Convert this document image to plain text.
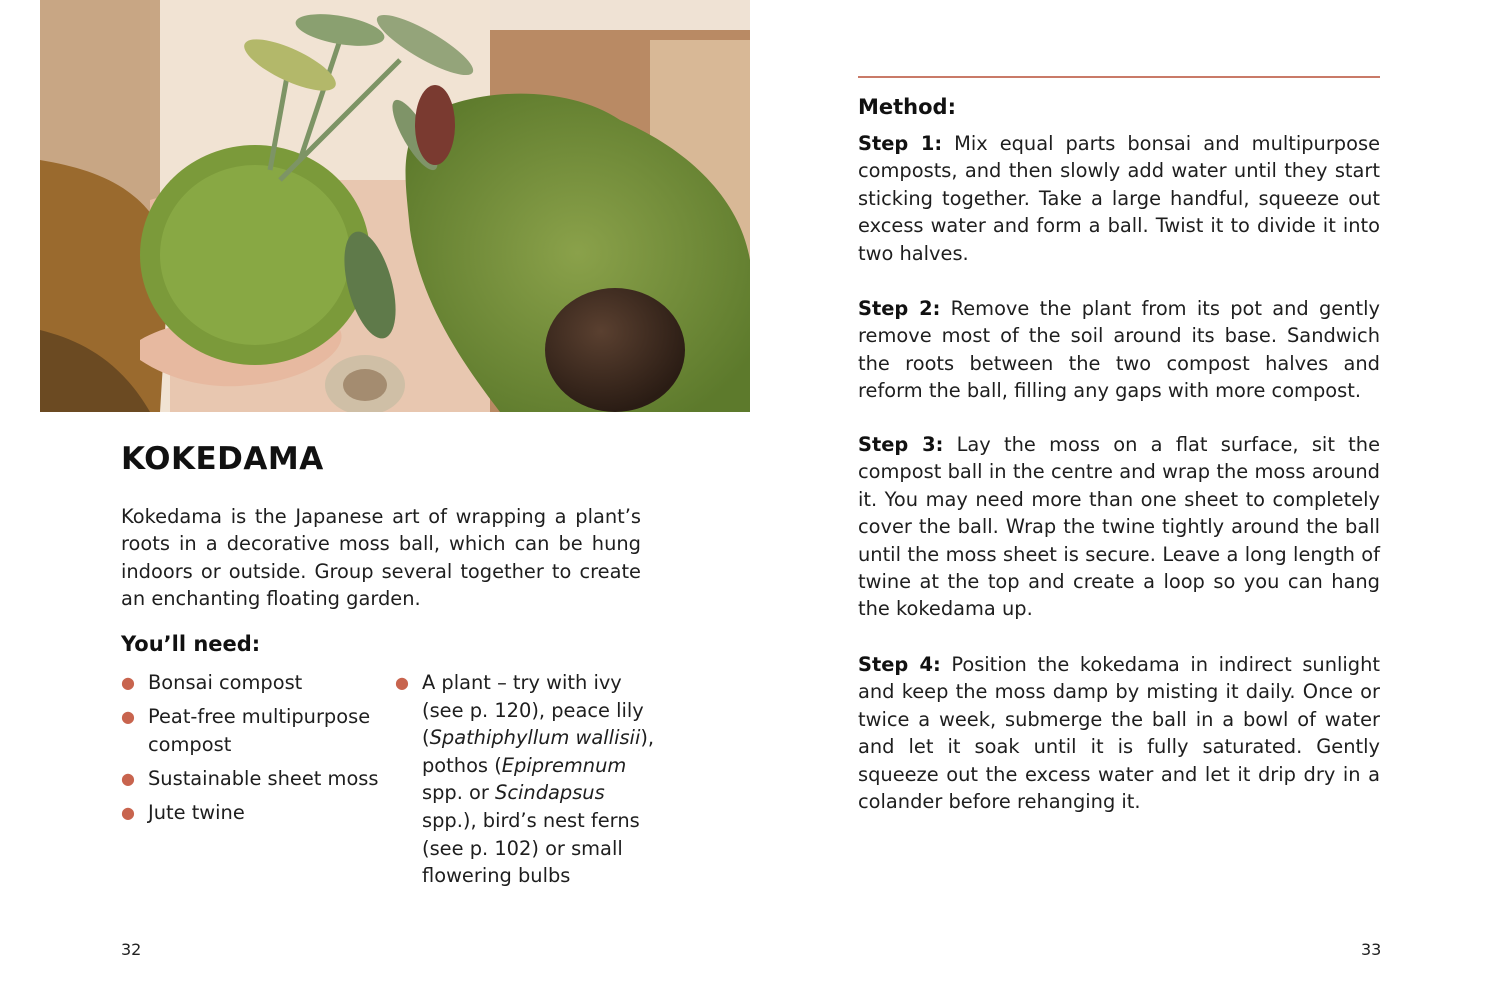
KOKEDAMA

Kokedama is the Japanese art of wrapping a plant’s roots in a decorative moss ball, which can be hung indoors or outside. Group several together to create an enchanting floating garden.

You’ll need:
● Bonsai compost
● Peat-free multipurpose compost
● Sustainable sheet moss
● Jute twine
● A plant – try with ivy (see p. 120), peace lily (Spathiphyllum wallisii), pothos (Epipremnum spp. or Scindapsus spp.), bird’s nest ferns (see p. 102) or small flowering bulbs
32
Method:

Step 1: Mix equal parts bonsai and multipurpose composts, and then slowly add water until they start sticking together. Take a large handful, squeeze out excess water and form a ball. Twist it to divide it into two halves.

Step 2: Remove the plant from its pot and gently remove most of the soil around its base. Sandwich the roots between the two compost halves and reform the ball, filling any gaps with more compost.

Step 3: Lay the moss on a flat surface, sit the compost ball in the centre and wrap the moss around it. You may need more than one sheet to completely cover the ball. Wrap the twine tightly around the ball until the moss sheet is secure. Leave a long length of twine at the top and create a loop so you can hang the kokedama up.

Step 4: Position the kokedama in indirect sunlight and keep the moss damp by misting it daily. Once or twice a week, submerge the ball in a bowl of water and let it soak until it is fully saturated. Gently squeeze out the excess water and let it drip dry in a colander before rehanging it.

33
